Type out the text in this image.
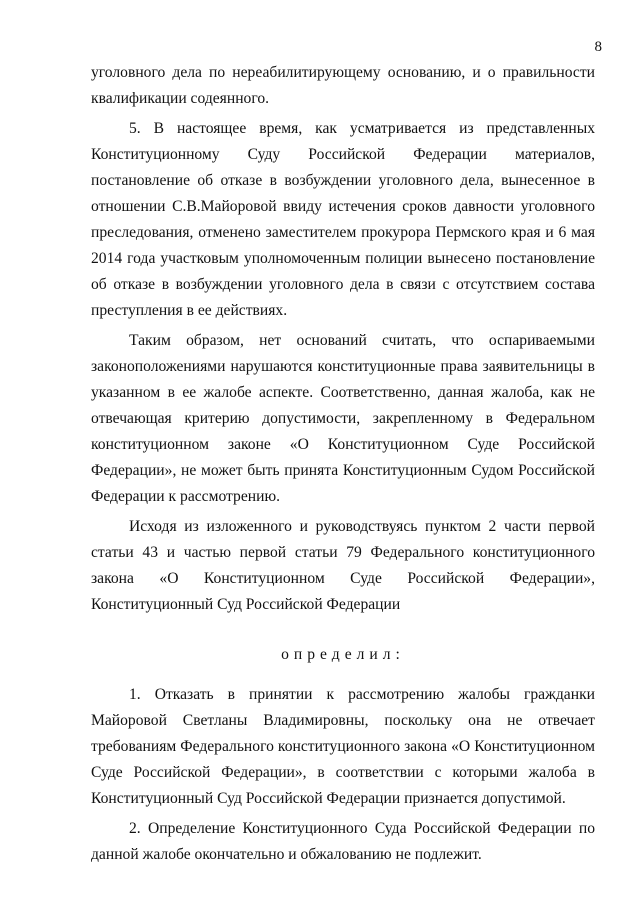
8

уголовного дела по нереабилитирующему основанию, и о правильности квалификации содеянного.

5. В настоящее время, как усматривается из представленных Конституционному Суду Российской Федерации материалов, постановление об отказе в возбуждении уголовного дела, вынесенное в отношении С.В.Майоровой ввиду истечения сроков давности уголовного преследования, отменено заместителем прокурора Пермского края и 6 мая 2014 года участковым уполномоченным полиции вынесено постановление об отказе в возбуждении уголовного дела в связи с отсутствием состава преступления в ее действиях.

Таким образом, нет оснований считать, что оспариваемыми законоположениями нарушаются конституционные права заявительницы в указанном в ее жалобе аспекте. Соответственно, данная жалоба, как не отвечающая критерию допустимости, закрепленному в Федеральном конституционном законе «О Конституционном Суде Российской Федерации», не может быть принята Конституционным Судом Российской Федерации к рассмотрению.

Исходя из изложенного и руководствуясь пунктом 2 части первой статьи 43 и частью первой статьи 79 Федерального конституционного закона «О Конституционном Суде Российской Федерации», Конституционный Суд Российской Федерации

определил:

1. Отказать в принятии к рассмотрению жалобы гражданки Майоровой Светланы Владимировны, поскольку она не отвечает требованиям Федерального конституционного закона «О Конституционном Суде Российской Федерации», в соответствии с которыми жалоба в Конституционный Суд Российской Федерации признается допустимой.

2. Определение Конституционного Суда Российской Федерации по данной жалобе окончательно и обжалованию не подлежит.
